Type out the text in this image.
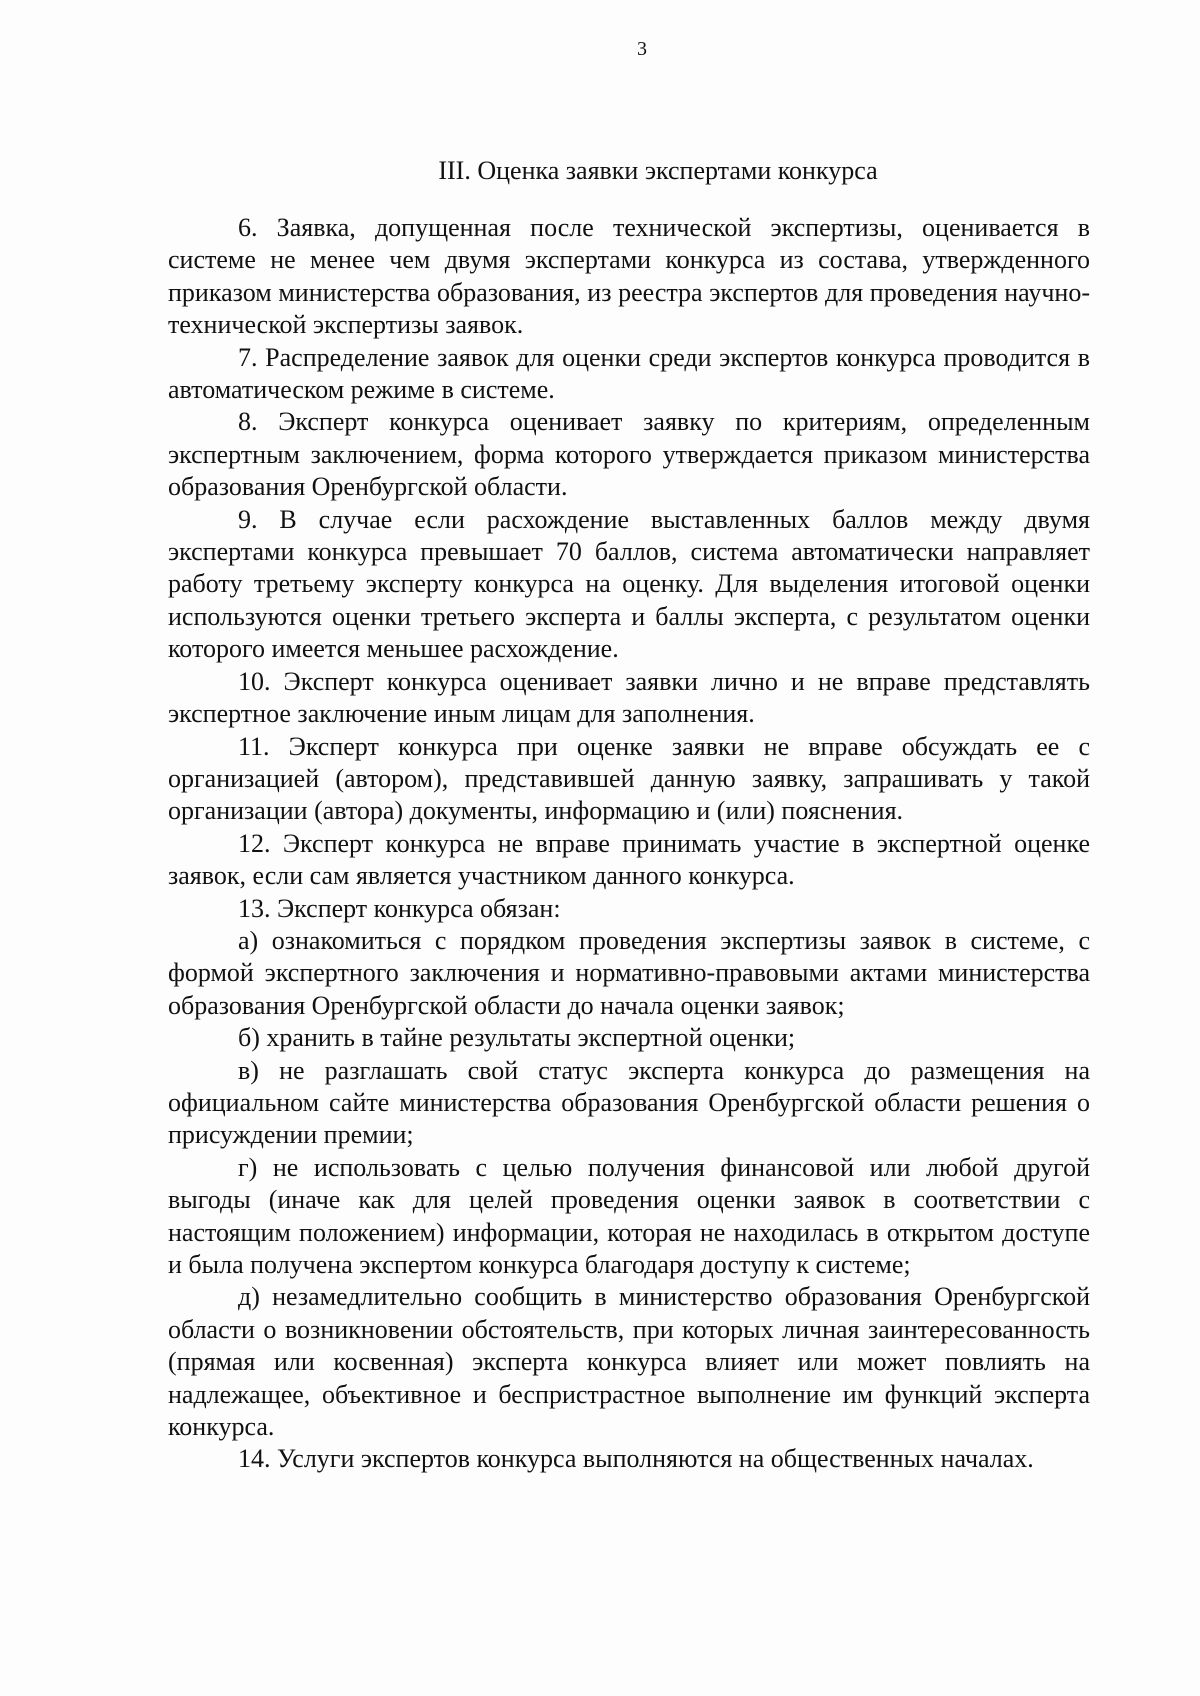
3
III. Оценка заявки экспертами конкурса

6. Заявка, допущенная после технической экспертизы, оценивается в системе не менее чем двумя экспертами конкурса из состава, утвержденного приказом министерства образования, из реестра экспертов для проведения научно-технической экспертизы заявок.

7. Распределение заявок для оценки среди экспертов конкурса проводится в автоматическом режиме в системе.

8. Эксперт конкурса оценивает заявку по критериям, определенным экспертным заключением, форма которого утверждается приказом министерства образования Оренбургской области.

9. В случае если расхождение выставленных баллов между двумя экспертами конкурса превышает 70 баллов, система автоматически направляет работу третьему эксперту конкурса на оценку. Для выделения итоговой оценки используются оценки третьего эксперта и баллы эксперта, с результатом оценки которого имеется меньшее расхождение.

10. Эксперт конкурса оценивает заявки лично и не вправе представлять экспертное заключение иным лицам для заполнения.

11. Эксперт конкурса при оценке заявки не вправе обсуждать ее с организацией (автором), представившей данную заявку, запрашивать у такой организации (автора) документы, информацию и (или) пояснения.

12. Эксперт конкурса не вправе принимать участие в экспертной оценке заявок, если сам является участником данного конкурса.

13. Эксперт конкурса обязан:

а) ознакомиться с порядком проведения экспертизы заявок в системе, с формой экспертного заключения и нормативно-правовыми актами министерства образования Оренбургской области до начала оценки заявок;

б) хранить в тайне результаты экспертной оценки;

в) не разглашать свой статус эксперта конкурса до размещения на официальном сайте министерства образования Оренбургской области решения о присуждении премии;

г) не использовать с целью получения финансовой или любой другой выгоды (иначе как для целей проведения оценки заявок в соответствии с настоящим положением) информации, которая не находилась в открытом доступе и была получена экспертом конкурса благодаря доступу к системе;

д) незамедлительно сообщить в министерство образования Оренбургской области о возникновении обстоятельств, при которых личная заинтересованность (прямая или косвенная) эксперта конкурса влияет или может повлиять на надлежащее, объективное и беспристрастное выполнение им функций эксперта конкурса.

14. Услуги экспертов конкурса выполняются на общественных началах.
